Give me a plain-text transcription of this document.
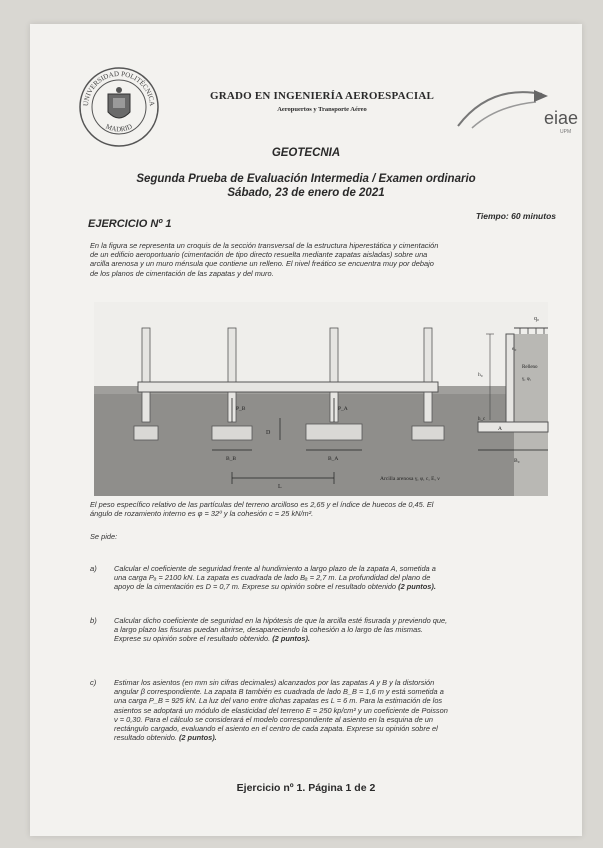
UNIVERSIDAD POLITÉCNICA
MADRID
GRADO EN INGENIERÍA AEROESPACIAL
Aeropuertos y Transporte Aéreo	eiae
UPM
GEOTECNIA
Segunda Prueba de Evaluación Intermedia / Examen ordinario
Sábado, 23 de enero de 2021
EJERCICIO Nº 1
Tiempo: 60 minutos
En la figura se representa un croquis de la sección transversal de la estructura hiperestática y cimentación
de un edificio aeroportuario (cimentación de tipo directo resuelta mediante zapatas aisladas) sobre una
arcilla arenosa y un muro ménsula que contiene un relleno. El nivel freático se encuentra muy por debajo
de los planos de cimentación de las zapatas y del muro.
q₀
e₀
h₀
Relleno
γ, φ,
P_B	P_A
D
B_B	B_A
h_c
A
B₀
L
Arcilla arenosa γ, φ, c, E, ν
El peso específico relativo de las partículas del terreno arcilloso es 2,65 y el índice de huecos de 0,45. El
ángulo de rozamiento interno es φ = 32º y la cohesión c = 25 kN/m².
Se pide:
a) Calcular el coeficiente de seguridad frente al hundimiento a largo plazo de la zapata A, sometida a
una carga Pₐ = 2100 kN. La zapata es cuadrada de lado Bₐ = 2,7 m. La profundidad del plano de
apoyo de la cimentación es D = 0,7 m. Exprese su opinión sobre el resultado obtenido (2 puntos).
b) Calcular dicho coeficiente de seguridad en la hipótesis de que la arcilla esté fisurada y previendo que,
a largo plazo las fisuras puedan abrirse, desapareciendo la cohesión a lo largo de las mismas.
Exprese su opinión sobre el resultado obtenido. (2 puntos).
c) Estimar los asientos (en mm sin cifras decimales) alcanzados por las zapatas A y B y la distorsión
angular β correspondiente. La zapata B también es cuadrada de lado B_B = 1,6 m y está sometida a
una carga P_B = 925 kN. La luz del vano entre dichas zapatas es L = 6 m. Para la estimación de los
asientos se adoptará un módulo de elasticidad del terreno E = 250 kp/cm² y un coeficiente de Poisson
ν = 0,30. Para el cálculo se considerará el modelo correspondiente al asiento en la esquina de un
rectángulo cargado, evaluando el asiento en el centro de cada zapata. Exprese su opinión sobre el
resultado obtenido. (2 puntos).
Ejercicio nº 1. Página 1 de 2
